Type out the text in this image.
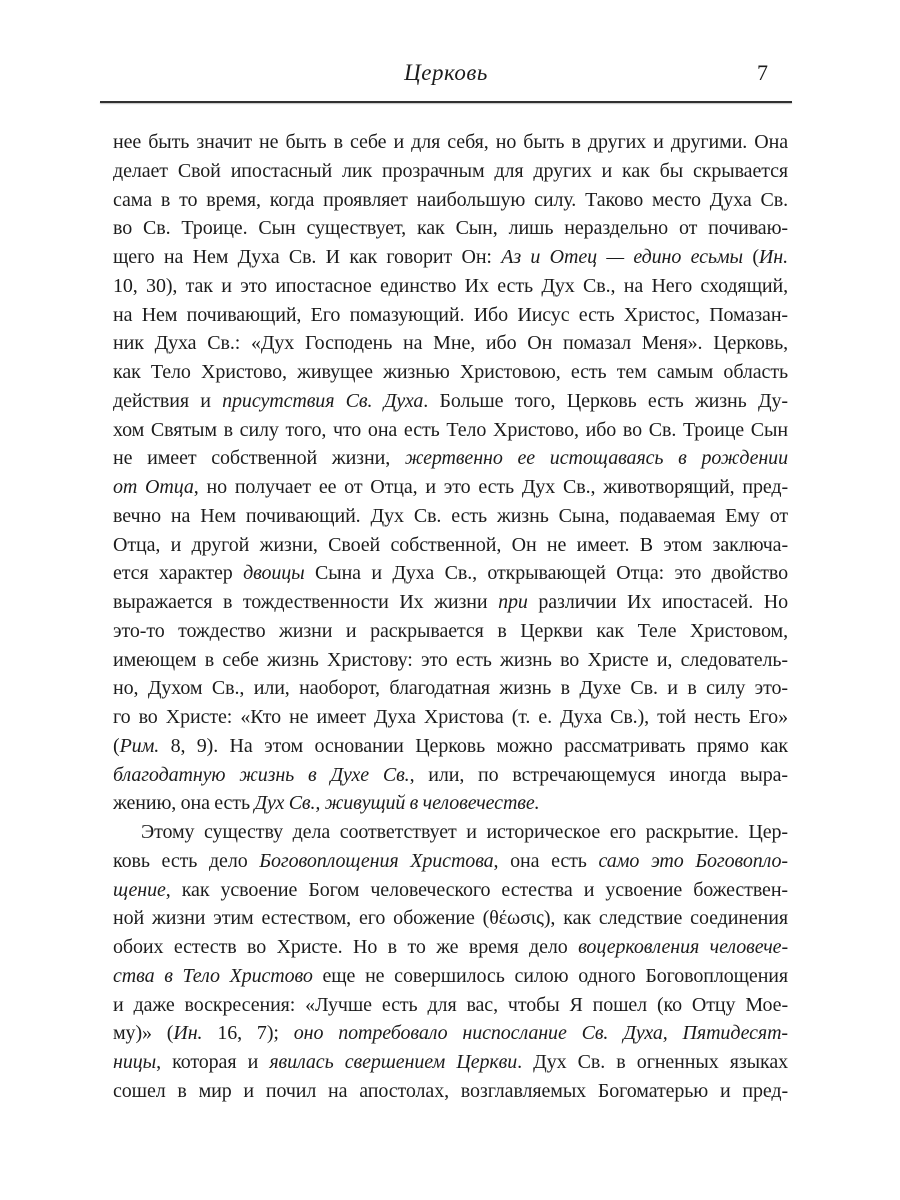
Церковь	7
нее быть значит не быть в себе и для себя, но быть в других и другими. Она
делает Свой ипостасный лик прозрачным для других и как бы скрывается
сама в то время, когда проявляет наибольшую силу. Таково место Духа Св.
во Св. Троице. Сын существует, как Сын, лишь нераздельно от почиваю-
щего на Нем Духа Св. И как говорит Он: Аз и Отец — едино есьмы (Ин.
10, 30), так и это ипостасное единство Их есть Дух Св., на Него сходящий,
на Нем почивающий, Его помазующий. Ибо Иисус есть Христос, Помазан-
ник Духа Св.: «Дух Господень на Мне, ибо Он помазал Меня». Церковь,
как Тело Христово, живущее жизнью Христовою, есть тем самым область
действия и присутствия Св. Духа. Больше того, Церковь есть жизнь Ду-
хом Святым в силу того, что она есть Тело Христово, ибо во Св. Троице Сын
не имеет собственной жизни, жертвенно ее истощаваясь в рождении
от Отца, но получает ее от Отца, и это есть Дух Св., животворящий, пред-
вечно на Нем почивающий. Дух Св. есть жизнь Сына, подаваемая Ему от
Отца, и другой жизни, Своей собственной, Он не имеет. В этом заключа-
ется характер двоицы Сына и Духа Св., открывающей Отца: это двойство
выражается в тождественности Их жизни при различии Их ипостасей. Но
это-то тождество жизни и раскрывается в Церкви как Теле Христовом,
имеющем в себе жизнь Христову: это есть жизнь во Христе и, следователь-
но, Духом Св., или, наоборот, благодатная жизнь в Духе Св. и в силу это-
го во Христе: «Кто не имеет Духа Христова (т. е. Духа Св.), той несть Его»
(Рим. 8, 9). На этом основании Церковь можно рассматривать прямо как
благодатную жизнь в Духе Св., или, по встречающемуся иногда выра-
жению, она есть Дух Св., живущий в человечестве.
Этому существу дела соответствует и историческое его раскрытие. Цер-
ковь есть дело Боговоплощения Христова, она есть само это Боговопло-
щение, как усвоение Богом человеческого естества и усвоение божествен-
ной жизни этим естеством, его обожение (θέωσις), как следствие соединения
обоих естеств во Христе. Но в то же время дело воцерковления человече-
ства в Тело Христово еще не совершилось силою одного Боговоплощения
и даже воскресения: «Лучше есть для вас, чтобы Я пошел (ко Отцу Мое-
му)» (Ин. 16, 7); оно потребовало ниспослание Св. Духа, Пятидесят-
ницы, которая и явилась свершением Церкви. Дух Св. в огненных языках
сошел в мир и почил на апостолах, возглавляемых Богоматерью и пред-
